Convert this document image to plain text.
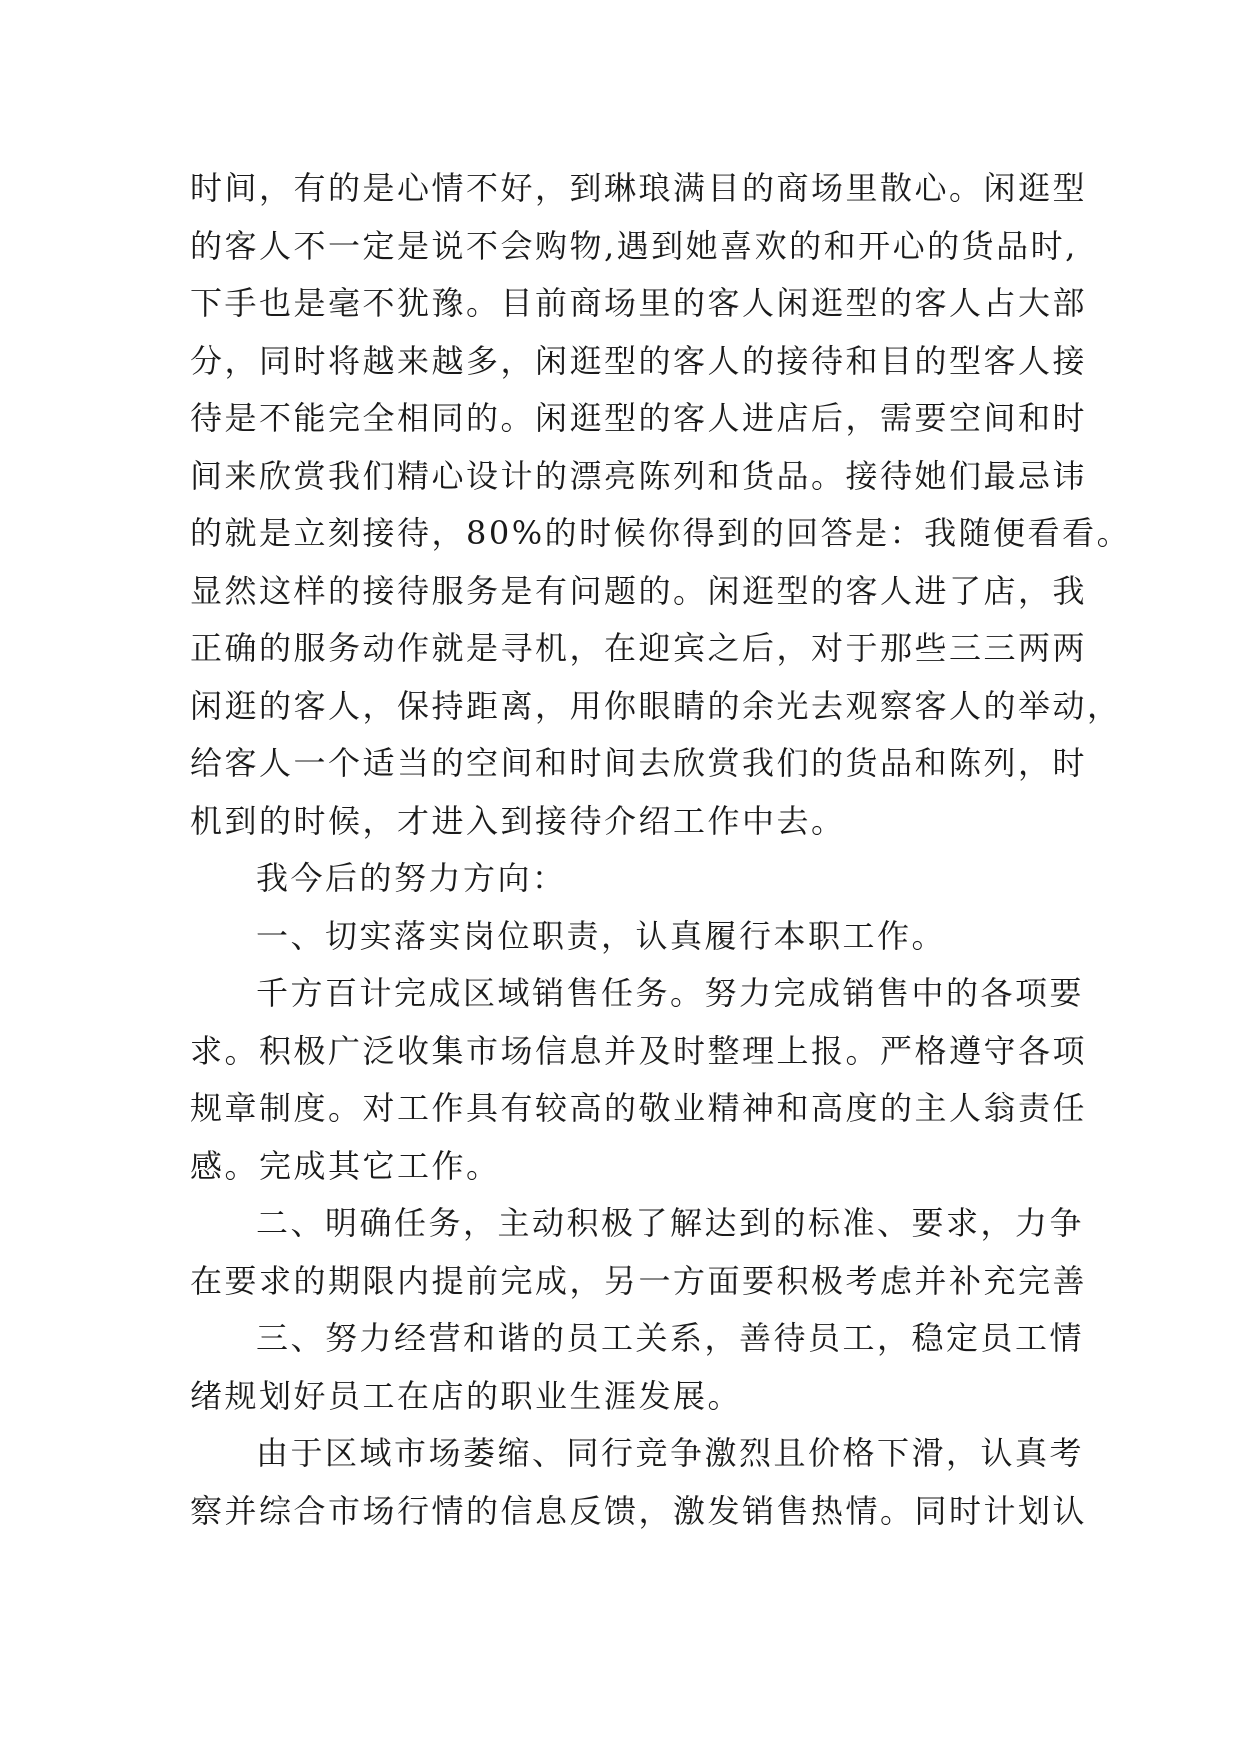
时间，有的是心情不好，到琳琅满目的商场里散心。闲逛型
的客人不一定是说不会购物,遇到她喜欢的和开心的货品时,
下手也是毫不犹豫。目前商场里的客人闲逛型的客人占大部
分，同时将越来越多，闲逛型的客人的接待和目的型客人接
待是不能完全相同的。闲逛型的客人进店后，需要空间和时
间来欣赏我们精心设计的漂亮陈列和货品。接待她们最忌讳
的就是立刻接待，80%的时候你得到的回答是：我随便看看。
显然这样的接待服务是有问题的。闲逛型的客人进了店，我
正确的服务动作就是寻机，在迎宾之后，对于那些三三两两
闲逛的客人，保持距离，用你眼睛的余光去观察客人的举动，
给客人一个适当的空间和时间去欣赏我们的货品和陈列，时
机到的时候，才进入到接待介绍工作中去。
我今后的努力方向：
一、切实落实岗位职责，认真履行本职工作。
千方百计完成区域销售任务。努力完成销售中的各项要
求。积极广泛收集市场信息并及时整理上报。严格遵守各项
规章制度。对工作具有较高的敬业精神和高度的主人翁责任
感。完成其它工作。
二、明确任务，主动积极了解达到的标准、要求，力争
在要求的期限内提前完成，另一方面要积极考虑并补充完善
三、努力经营和谐的员工关系，善待员工，稳定员工情
绪规划好员工在店的职业生涯发展。
由于区域市场萎缩、同行竞争激烈且价格下滑，认真考
察并综合市场行情的信息反馈，激发销售热情。同时计划认
